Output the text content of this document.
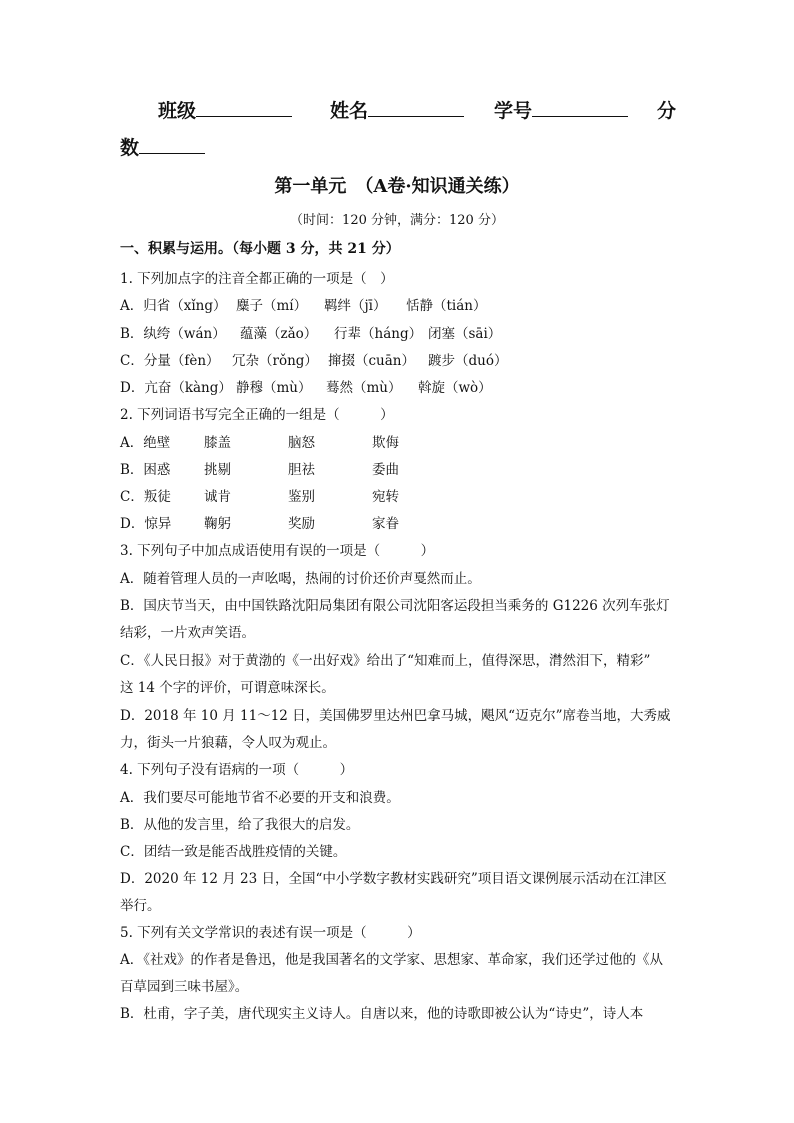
班级	姓名	学号	分
数
第一单元　（A卷·知识通关练）
（时间：120 分钟，满分：120 分）
一、积累与运用。（每小题 3 分，共 21 分）
1. 下列加点字的注音全都正确的一项是（　）
A．归省（xǐng） 麋子（mí） 羁绊（jī） 恬静（tián）
B．纨绔（wán） 蕴藻（zǎo） 行辈（háng） 闭塞（sāi）
C．分量（fèn） 冗杂（rǒng） 撺掇（cuān） 踱步（duó）
D．亢奋（kàng） 静穆（mù） 蓦然（mù） 斡旋（wò）
2. 下列词语书写完全正确的一组是（　　　）
A．绝壁	膝盖	脑怒	欺侮
B．困惑 挑剔	胆祛	委曲
C．叛徒 诚肯	鉴别	宛转
D．惊异 鞠躬	奖励	家眷
3. 下列句子中加点成语使用有误的一项是（　　　）
A．随着管理人员的一声吆喝，热闹的讨价还价声戛然而止。
B．国庆节当天，由中国铁路沈阳局集团有限公司沈阳客运段担当乘务的 G1226 次列车张灯
结彩，一片欢声笑语。
C．《人民日报》对于黄渤的《一出好戏》给出了“知难而上，值得深思，潸然泪下，精彩”
这 14 个字的评价，可谓意味深长。
D．2018 年 10 月 11～12 日，美国佛罗里达州巴拿马城，飓风“迈克尔”席卷当地，大秀威
力，街头一片狼藉，令人叹为观止。
4. 下列句子没有语病的一项（　　　）
A．我们要尽可能地节省不必要的开支和浪费。
B．从他的发言里，给了我很大的启发。
C．团结一致是能否战胜疫情的关键。
D．2020 年 12 月 23 日，全国“中小学数字教材实践研究”项目语文课例展示活动在江津区
举行。
5. 下列有关文学常识的表述有误一项是（　　　）
A．《社戏》的作者是鲁迅，他是我国著名的文学家、思想家、革命家，我们还学过他的《从
百草园到三味书屋》。
B．杜甫，字子美，唐代现实主义诗人。自唐以来，他的诗歌即被公认为“诗史”，诗人本
